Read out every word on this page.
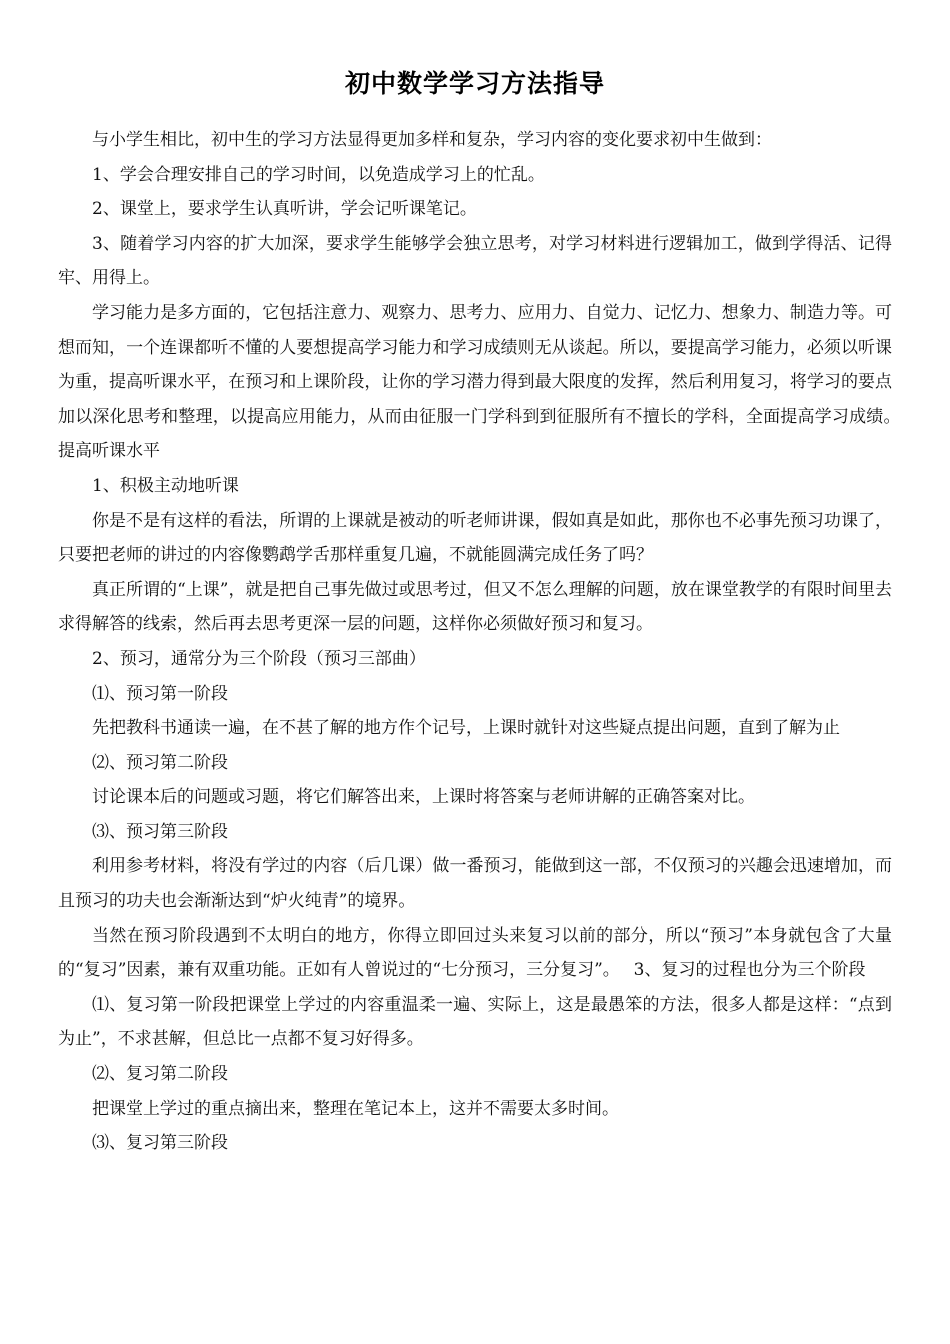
初中数学学习方法指导

与小学生相比，初中生的学习方法显得更加多样和复杂，学习内容的变化要求初中生做到：

1、学会合理安排自己的学习时间，以免造成学习上的忙乱。

2、课堂上，要求学生认真听讲，学会记听课笔记。

3、随着学习内容的扩大加深，要求学生能够学会独立思考，对学习材料进行逻辑加工，做到学得活、记得牢、用得上。

学习能力是多方面的，它包括注意力、观察力、思考力、应用力、自觉力、记忆力、想象力、制造力等。可想而知，一个连课都听不懂的人要想提高学习能力和学习成绩则无从谈起。所以，要提高学习能力，必须以听课为重，提高听课水平，在预习和上课阶段，让你的学习潜力得到最大限度的发挥，然后利用复习，将学习的要点加以深化思考和整理，以提高应用能力，从而由征服一门学科到到征服所有不擅长的学科，全面提高学习成绩。　 提高听课水平

1、积极主动地听课

你是不是有这样的看法，所谓的上课就是被动的听老师讲课，假如真是如此，那你也不必事先预习功课了，只要把老师的讲过的内容像鹦鹉学舌那样重复几遍，不就能圆满完成任务了吗？

真正所谓的“上课”，就是把自己事先做过或思考过，但又不怎么理解的问题，放在课堂教学的有限时间里去求得解答的线索，然后再去思考更深一层的问题，这样你必须做好预习和复习。

2、预习，通常分为三个阶段（预习三部曲）

⑴、预习第一阶段

先把教科书通读一遍，在不甚了解的地方作个记号，上课时就针对这些疑点提出问题，直到了解为止

⑵、预习第二阶段

讨论课本后的问题或习题，将它们解答出来，上课时将答案与老师讲解的正确答案对比。

⑶、预习第三阶段

利用参考材料，将没有学过的内容（后几课）做一番预习，能做到这一部，不仅预习的兴趣会迅速增加，而且预习的功夫也会渐渐达到“炉火纯青”的境界。

当然在预习阶段遇到不太明白的地方，你得立即回过头来复习以前的部分，所以“预习”本身就包含了大量的“复习”因素，兼有双重功能。正如有人曾说过的“七分预习，三分复习”。　 3、复习的过程也分为三个阶段

⑴、复习第一阶段把课堂上学过的内容重温柔一遍、实际上，这是最愚笨的方法，很多人都是这样：“点到为止”，不求甚解，但总比一点都不复习好得多。

⑵、复习第二阶段

把课堂上学过的重点摘出来，整理在笔记本上，这并不需要太多时间。

⑶、复习第三阶段
